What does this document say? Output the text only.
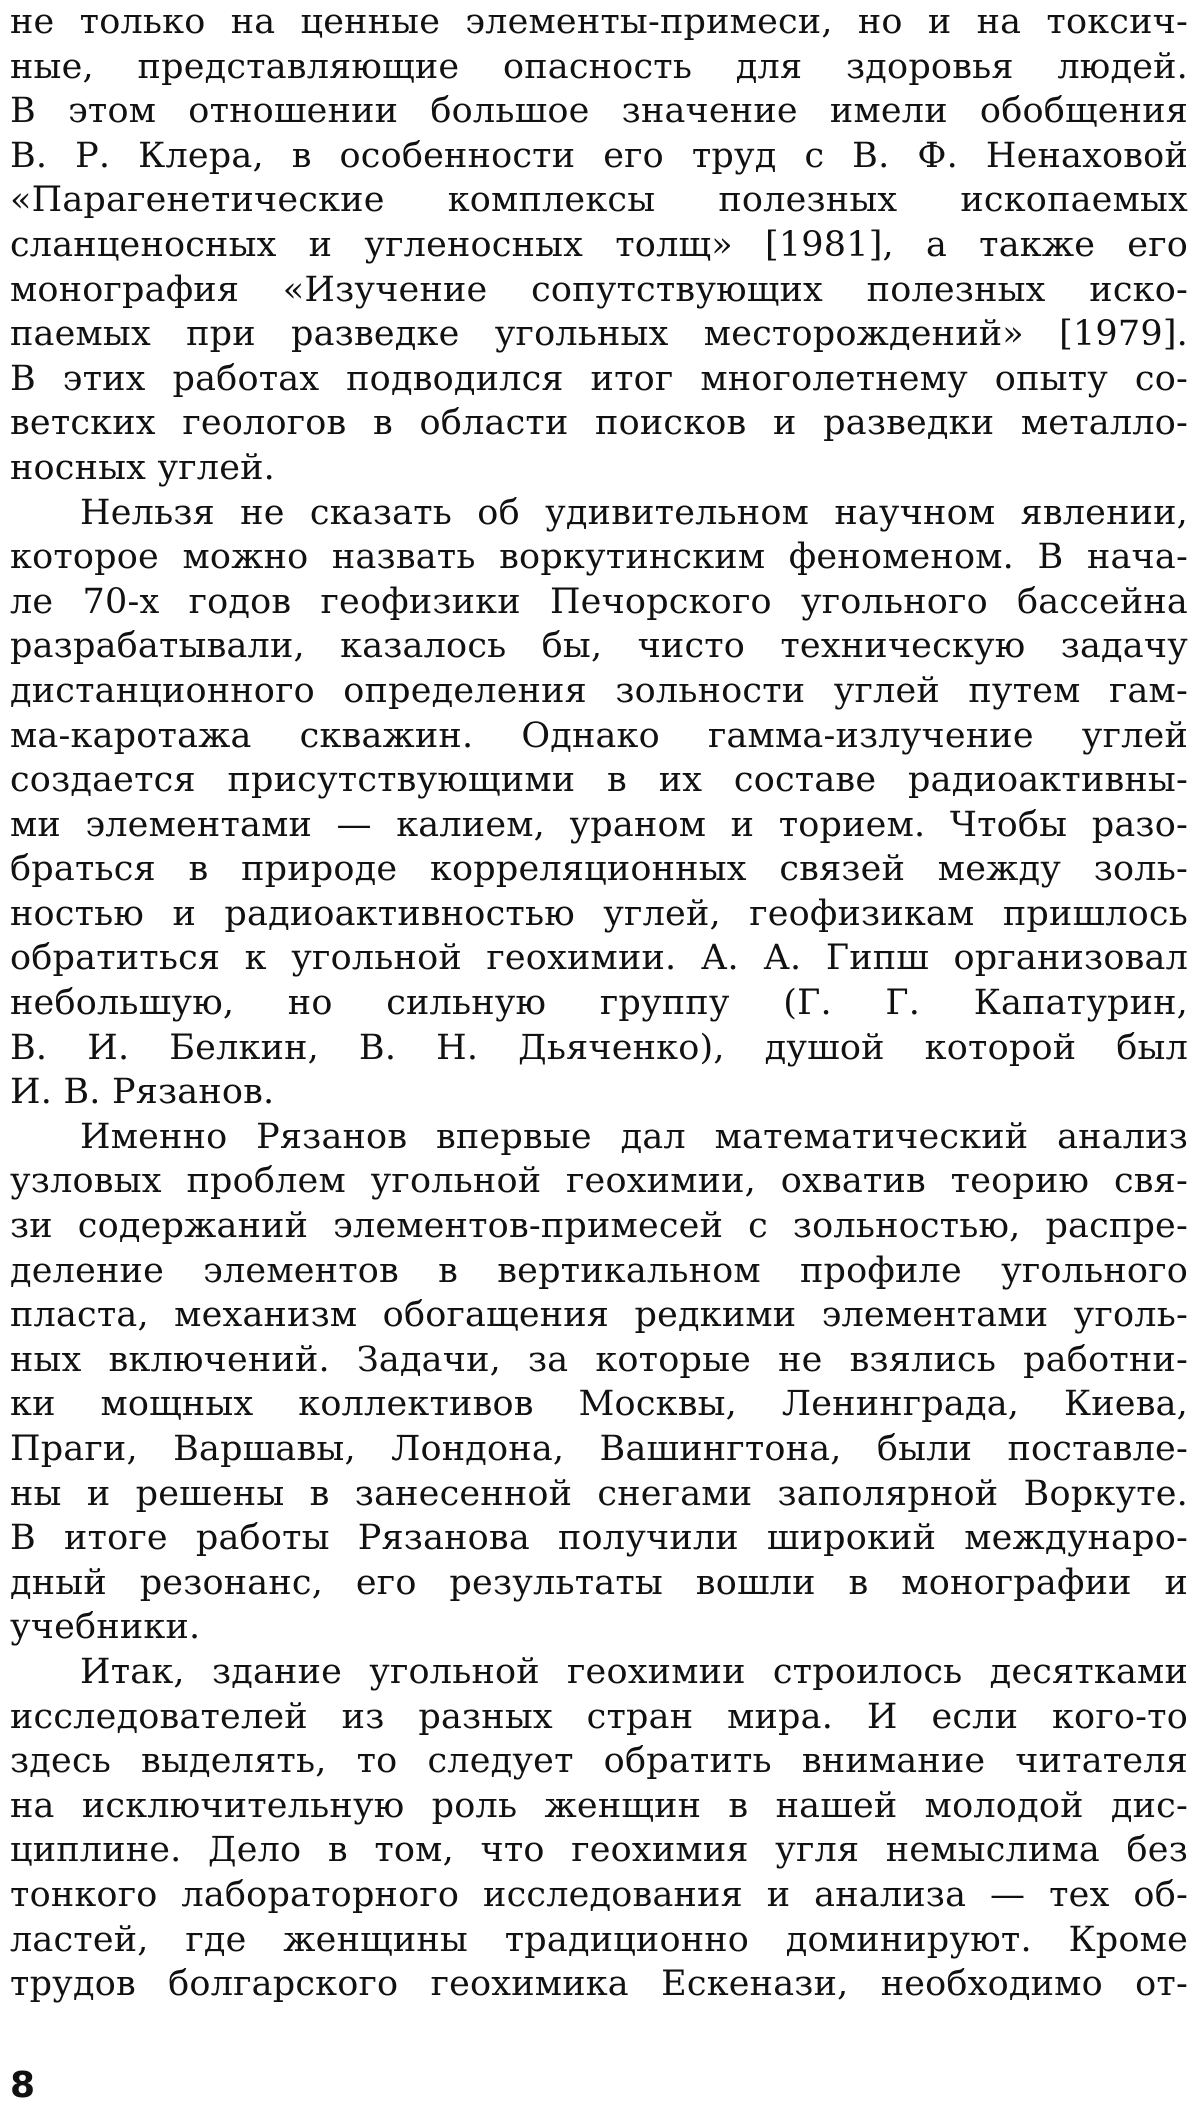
не только на ценные элементы-примеси, но и на токсич-
ные, представляющие опасность для здоровья людей.
В этом отношении большое значение имели обобщения
В. Р. Клера, в особенности его труд с В. Ф. Ненаховой
«Парагенетические комплексы полезных ископаемых
сланценосных и угленосных толщ» [1981], а также его
монография «Изучение сопутствующих полезных иско-
паемых при разведке угольных месторождений» [1979].
В этих работах подводился итог многолетнему опыту со-
ветских геологов в области поисков и разведки металло-
носных углей.
Нельзя не сказать об удивительном научном явлении,
которое можно назвать воркутинским феноменом. В нача-
ле 70-х годов геофизики Печорского угольного бассейна
разрабатывали, казалось бы, чисто техническую задачу
дистанционного определения зольности углей путем гам-
ма-каротажа скважин. Однако гамма-излучение углей
создается присутствующими в их составе радиоактивны-
ми элементами — калием, ураном и торием. Чтобы разо-
браться в природе корреляционных связей между золь-
ностью и радиоактивностью углей, геофизикам пришлось
обратиться к угольной геохимии. А. А. Гипш организовал
небольшую, но сильную группу (Г. Г. Капатурин,
В. И. Белкин, В. Н. Дьяченко), душой которой был
И. В. Рязанов.
Именно Рязанов впервые дал математический анализ
узловых проблем угольной геохимии, охватив теорию свя-
зи содержаний элементов-примесей с зольностью, распре-
деление элементов в вертикальном профиле угольного
пласта, механизм обогащения редкими элементами уголь-
ных включений. Задачи, за которые не взялись работни-
ки мощных коллективов Москвы, Ленинграда, Киева,
Праги, Варшавы, Лондона, Вашингтона, были поставле-
ны и решены в занесенной снегами заполярной Воркуте.
В итоге работы Рязанова получили широкий междунаро-
дный резонанс, его результаты вошли в монографии и
учебники.
Итак, здание угольной геохимии строилось десятками
исследователей из разных стран мира. И если кого-то
здесь выделять, то следует обратить внимание читателя
на исключительную роль женщин в нашей молодой дис-
циплине. Дело в том, что геохимия угля немыслима без
тонкого лабораторного исследования и анализа — тех об-
ластей, где женщины традиционно доминируют. Кроме
трудов болгарского геохимика Ескенази, необходимо от-
8
